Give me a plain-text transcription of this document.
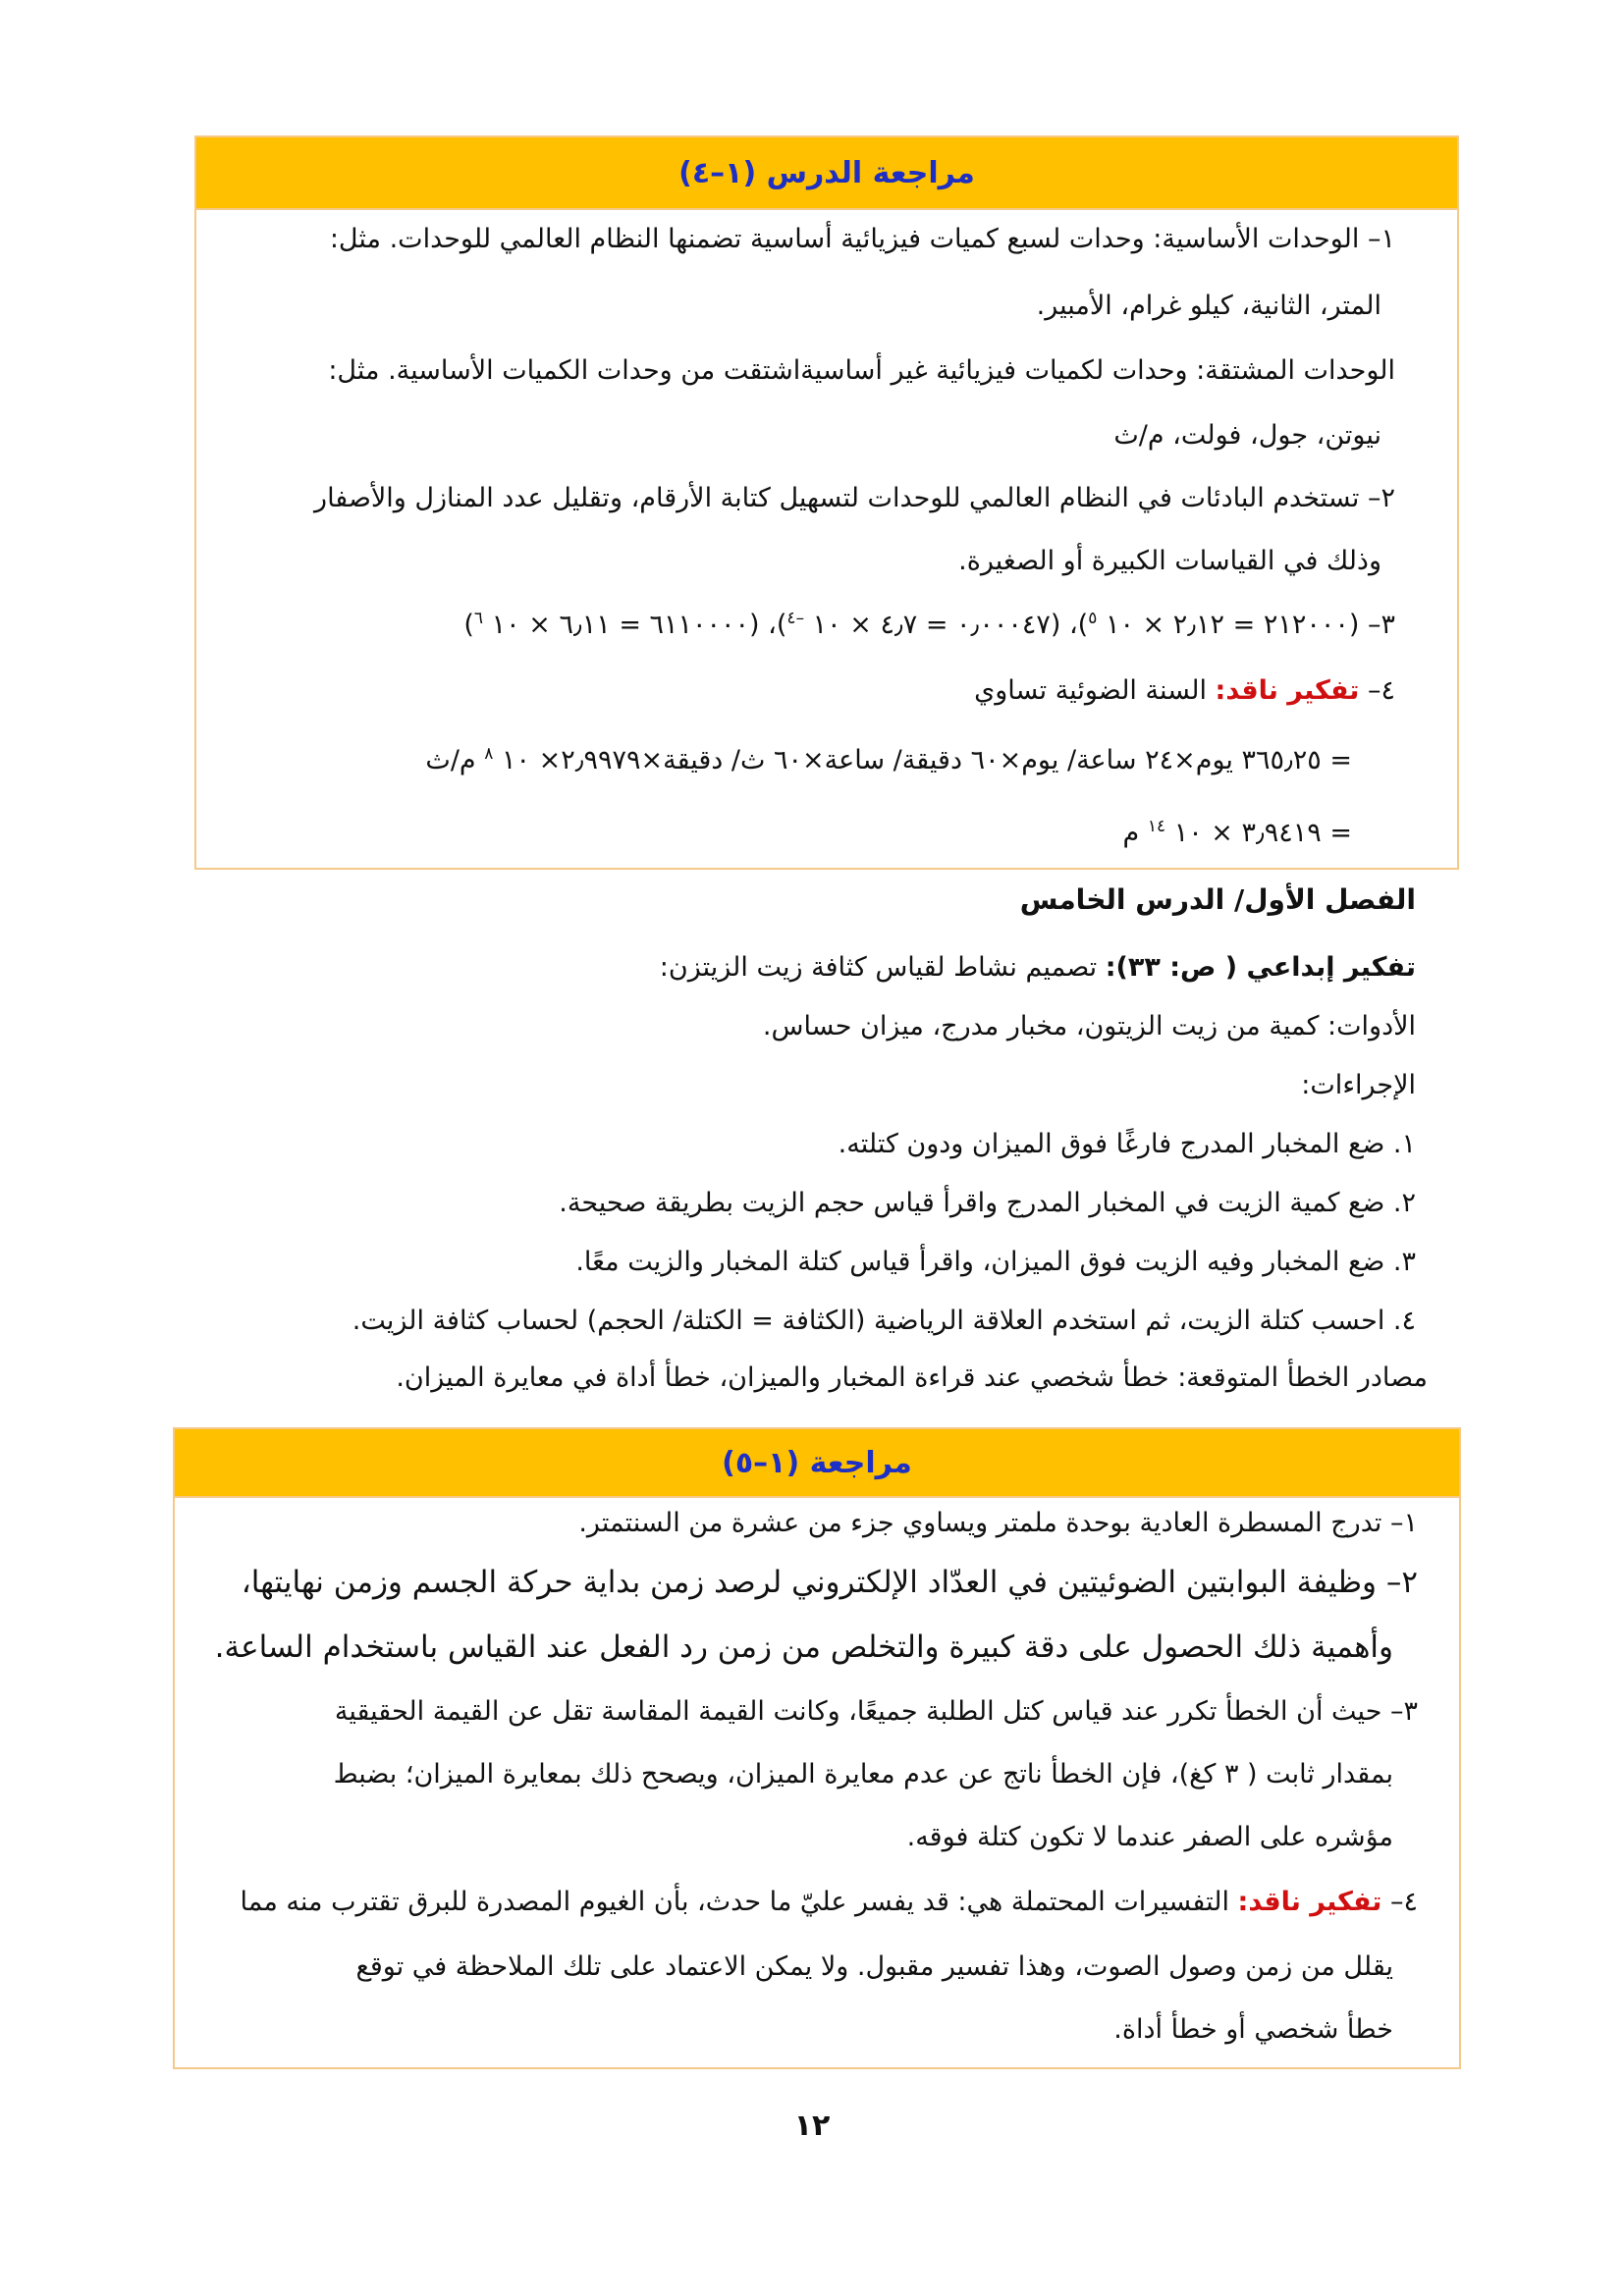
مراجعة الدرس (١–٤)
١– الوحدات الأساسية: وحدات لسبع كميات فيزيائية أساسية تضمنها النظام العالمي للوحدات. مثل:
المتر، الثانية، كيلو غرام، الأمبير.
الوحدات المشتقة: وحدات لكميات فيزيائية غير أساسيةاشتقت من وحدات الكميات الأساسية. مثل:
نيوتن، جول، فولت، م/ث
٢– تستخدم البادئات في النظام العالمي للوحدات لتسهيل كتابة الأرقام، وتقليل عدد المنازل والأصفار
وذلك في القياسات الكبيرة أو الصغيرة.
٣– (٢١٢٠٠٠ = ٢٫١٢ × ١٠ $^٥$)، (٠٫٠٠٠٤٧ = ٤٫٧ × ١٠ $^{-٤}$)، (٦١١٠٠٠٠ = ٦٫١١ × ١٠ $^٦$)
٤– تفكير ناقد: السنة الضوئية تساوي
= ٣٦٥٫٢٥ يوم×٢٤ ساعة/ يوم×٦٠ دقيقة/ ساعة×٦٠ ث/ دقيقة×٢٫٩٩٧٩× ١٠ $^٨$ م/ث
= ٣٫٩٤١٩ × ١٠ $^{١٤}$ م
الفصل الأول/ الدرس الخامس
تفكير إبداعي ( ص: ٣٣): تصميم نشاط لقياس كثافة زيت الزيتزن:
الأدوات: كمية من زيت الزيتون، مخبار مدرج، ميزان حساس.
الإجراءات:
١. ضع المخبار المدرج فارغًا فوق الميزان ودون كتلته.
٢. ضع كمية الزيت في المخبار المدرج واقرأ قياس حجم الزيت بطريقة صحيحة.
٣. ضع المخبار وفيه الزيت فوق الميزان، واقرأ قياس كتلة المخبار والزيت معًا.
٤. احسب كتلة الزيت، ثم استخدم العلاقة الرياضية (الكثافة = الكتلة/ الحجم) لحساب كثافة الزيت.
مصادر الخطأ المتوقعة: خطأ شخصي عند قراءة المخبار والميزان، خطأ أداة في معايرة الميزان.
مراجعة (١–٥)
١– تدرج المسطرة العادية بوحدة ملمتر ويساوي جزء من عشرة من السنتمتر.
٢– وظيفة البوابتين الضوئيتين في العدّاد الإلكتروني لرصد زمن بداية حركة الجسم وزمن نهايتها،
وأهمية ذلك الحصول على دقة كبيرة والتخلص من زمن رد الفعل عند القياس باستخدام الساعة.
٣– حيث أن الخطأ تكرر عند قياس كتل الطلبة جميعًا، وكانت القيمة المقاسة تقل عن القيمة الحقيقية
بمقدار ثابت ( ٣ كغ)، فإن الخطأ ناتج عن عدم معايرة الميزان، ويصحح ذلك بمعايرة الميزان؛ بضبط
مؤشره على الصفر عندما لا تكون كتلة فوقه.
٤– تفكير ناقد: التفسيرات المحتملة هي: قد يفسر عليّ ما حدث، بأن الغيوم المصدرة للبرق تقترب منه مما
يقلل من زمن وصول الصوت، وهذا تفسير مقبول. ولا يمكن الاعتماد على تلك الملاحظة في توقع
خطأ شخصي أو خطأ أداة.
١٢
